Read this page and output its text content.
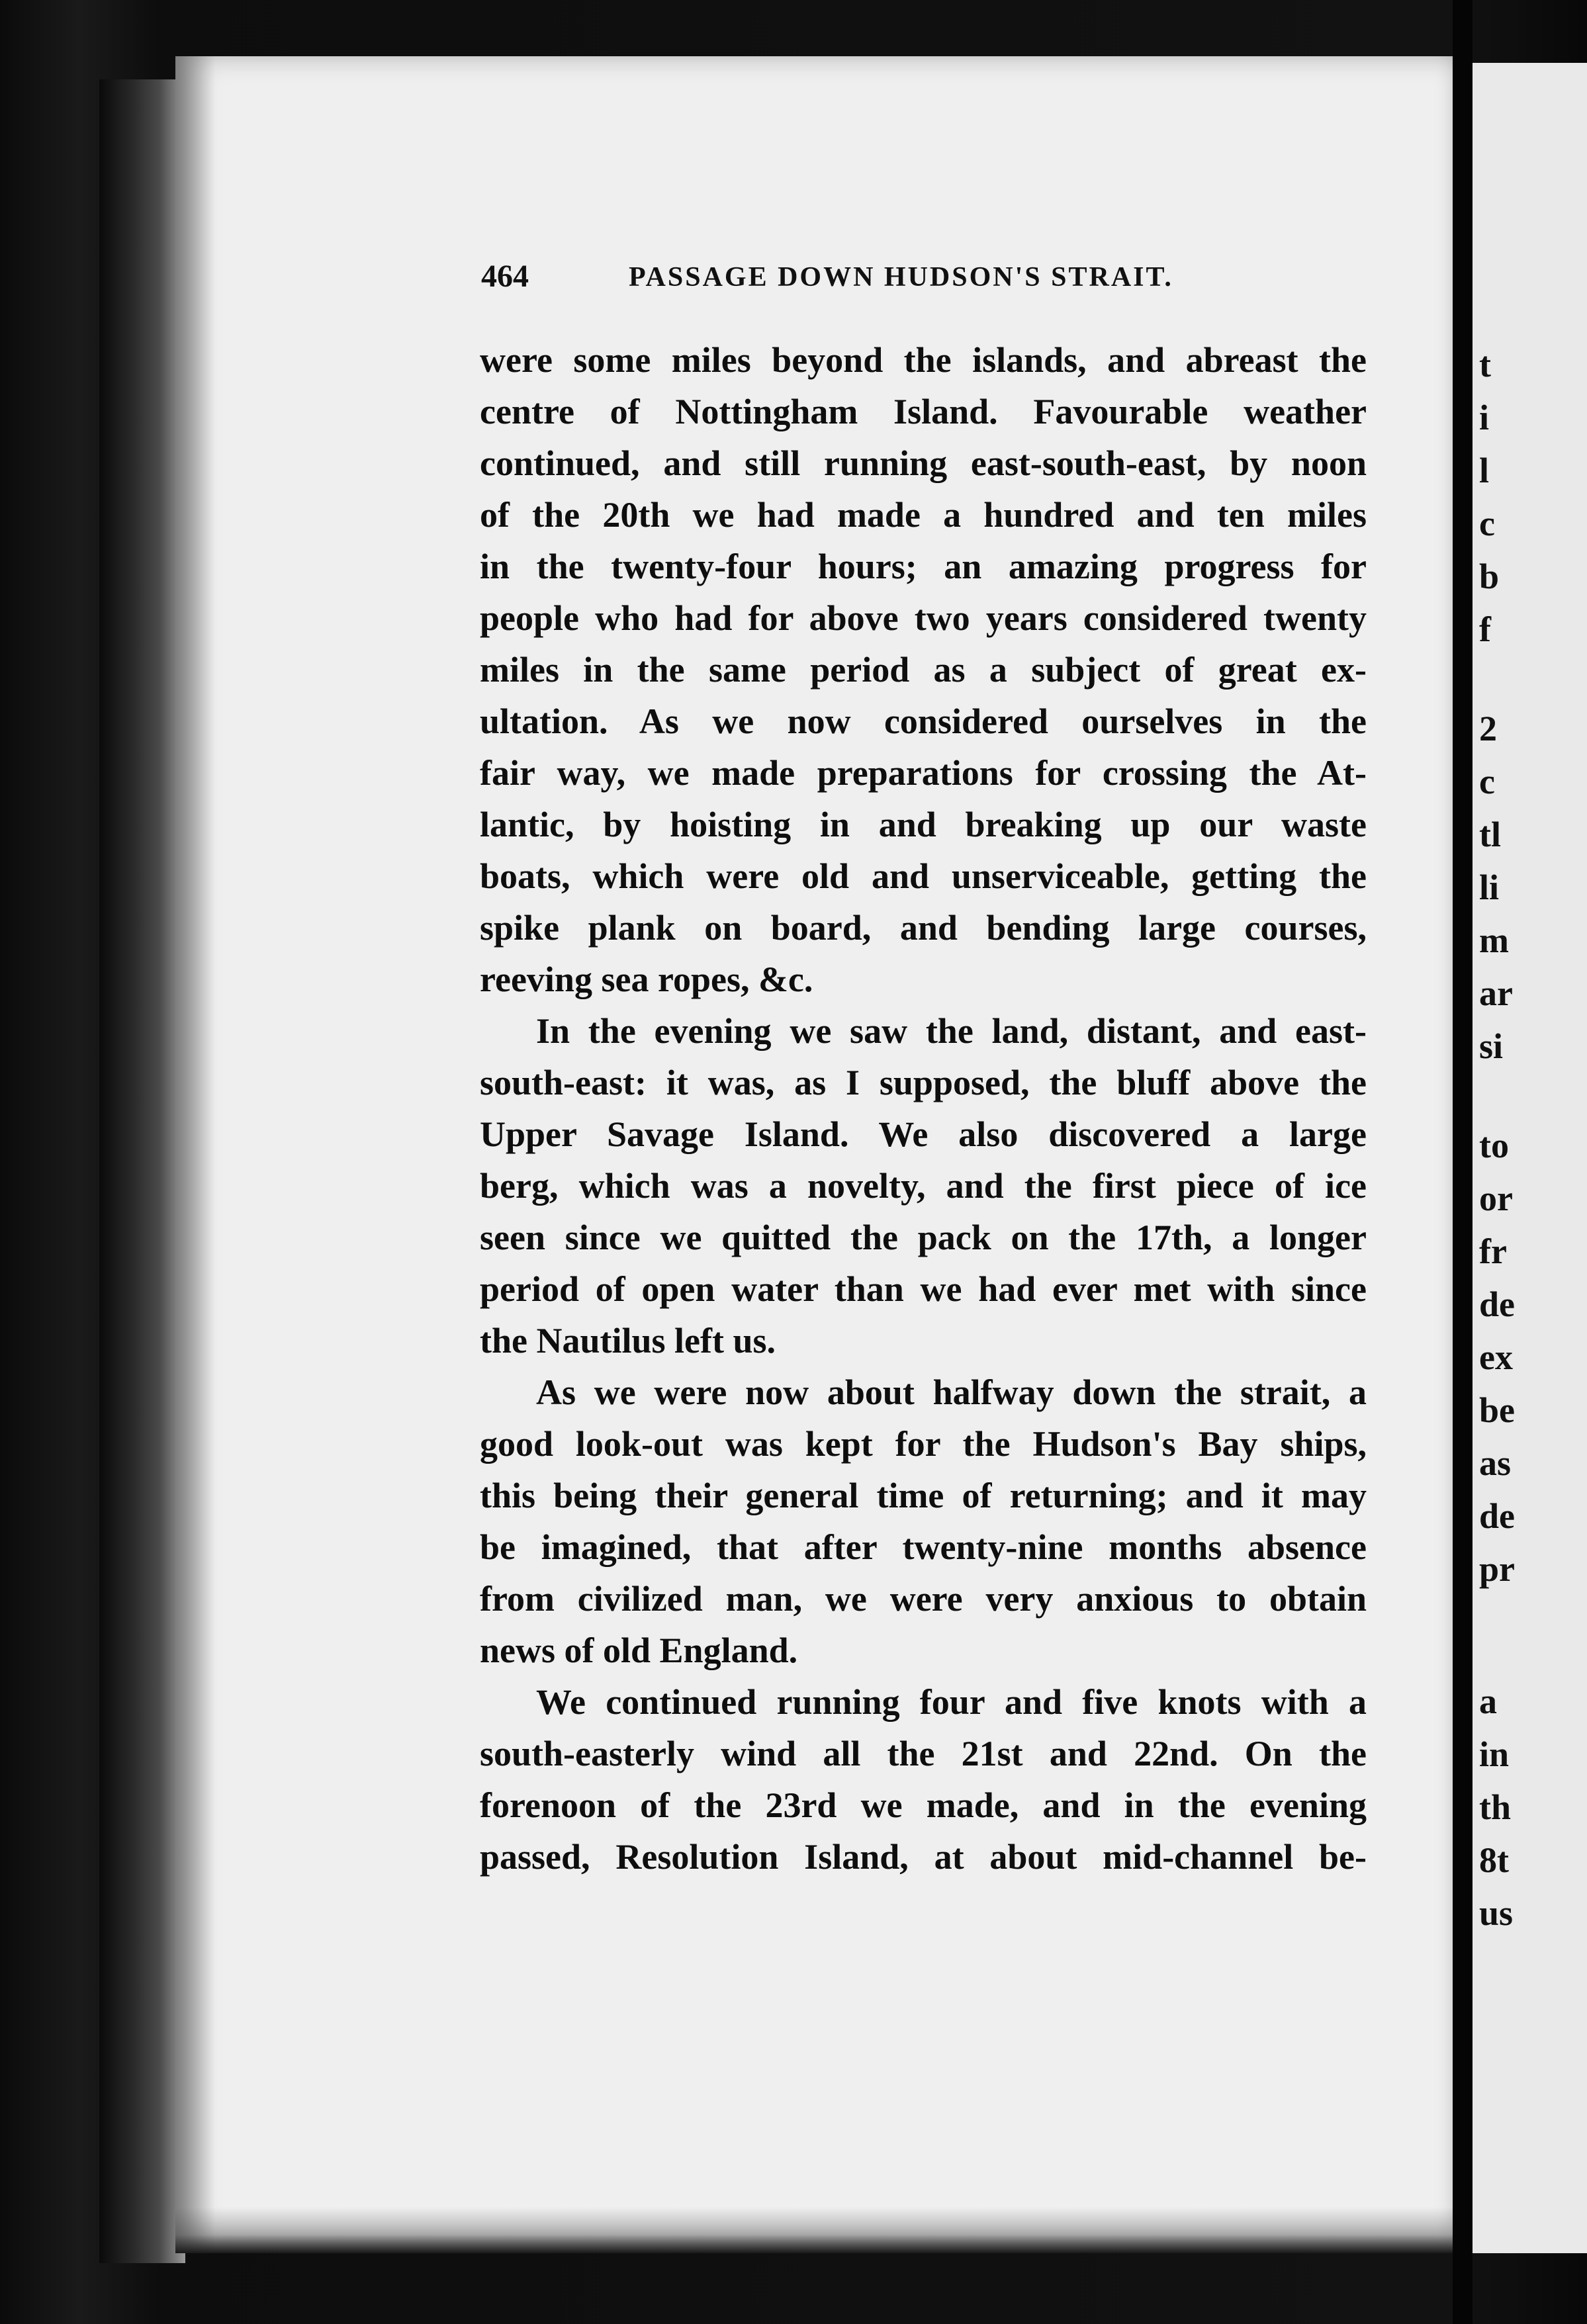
t
i
l
c
b
f
2
c
tl
li
m
ar
si
to
or
fr
de
ex
be
as
de
pr
a
in
th
8t
us
464	PASSAGE DOWN HUDSON'S STRAIT.
were some miles beyond the islands, and abreast the
centre of Nottingham Island. Favourable weather
continued, and still running east-south-east, by noon
of the 20th we had made a hundred and ten miles
in the twenty-four hours; an amazing progress for
people who had for above two years considered twenty
miles in the same period as a subject of great ex-
ultation. As we now considered ourselves in the
fair way, we made preparations for crossing the At-
lantic, by hoisting in and breaking up our waste
boats, which were old and unserviceable, getting the
spike plank on board, and bending large courses,
reeving sea ropes, &c.
In the evening we saw the land, distant, and east-
south-east: it was, as I supposed, the bluff above the
Upper Savage Island. We also discovered a large
berg, which was a novelty, and the first piece of ice
seen since we quitted the pack on the 17th, a longer
period of open water than we had ever met with since
the Nautilus left us.
As we were now about halfway down the strait, a
good look-out was kept for the Hudson's Bay ships,
this being their general time of returning; and it may
be imagined, that after twenty-nine months absence
from civilized man, we were very anxious to obtain
news of old England.
We continued running four and five knots with a
south-easterly wind all the 21st and 22nd. On the
forenoon of the 23rd we made, and in the evening
passed, Resolution Island, at about mid-channel be-
